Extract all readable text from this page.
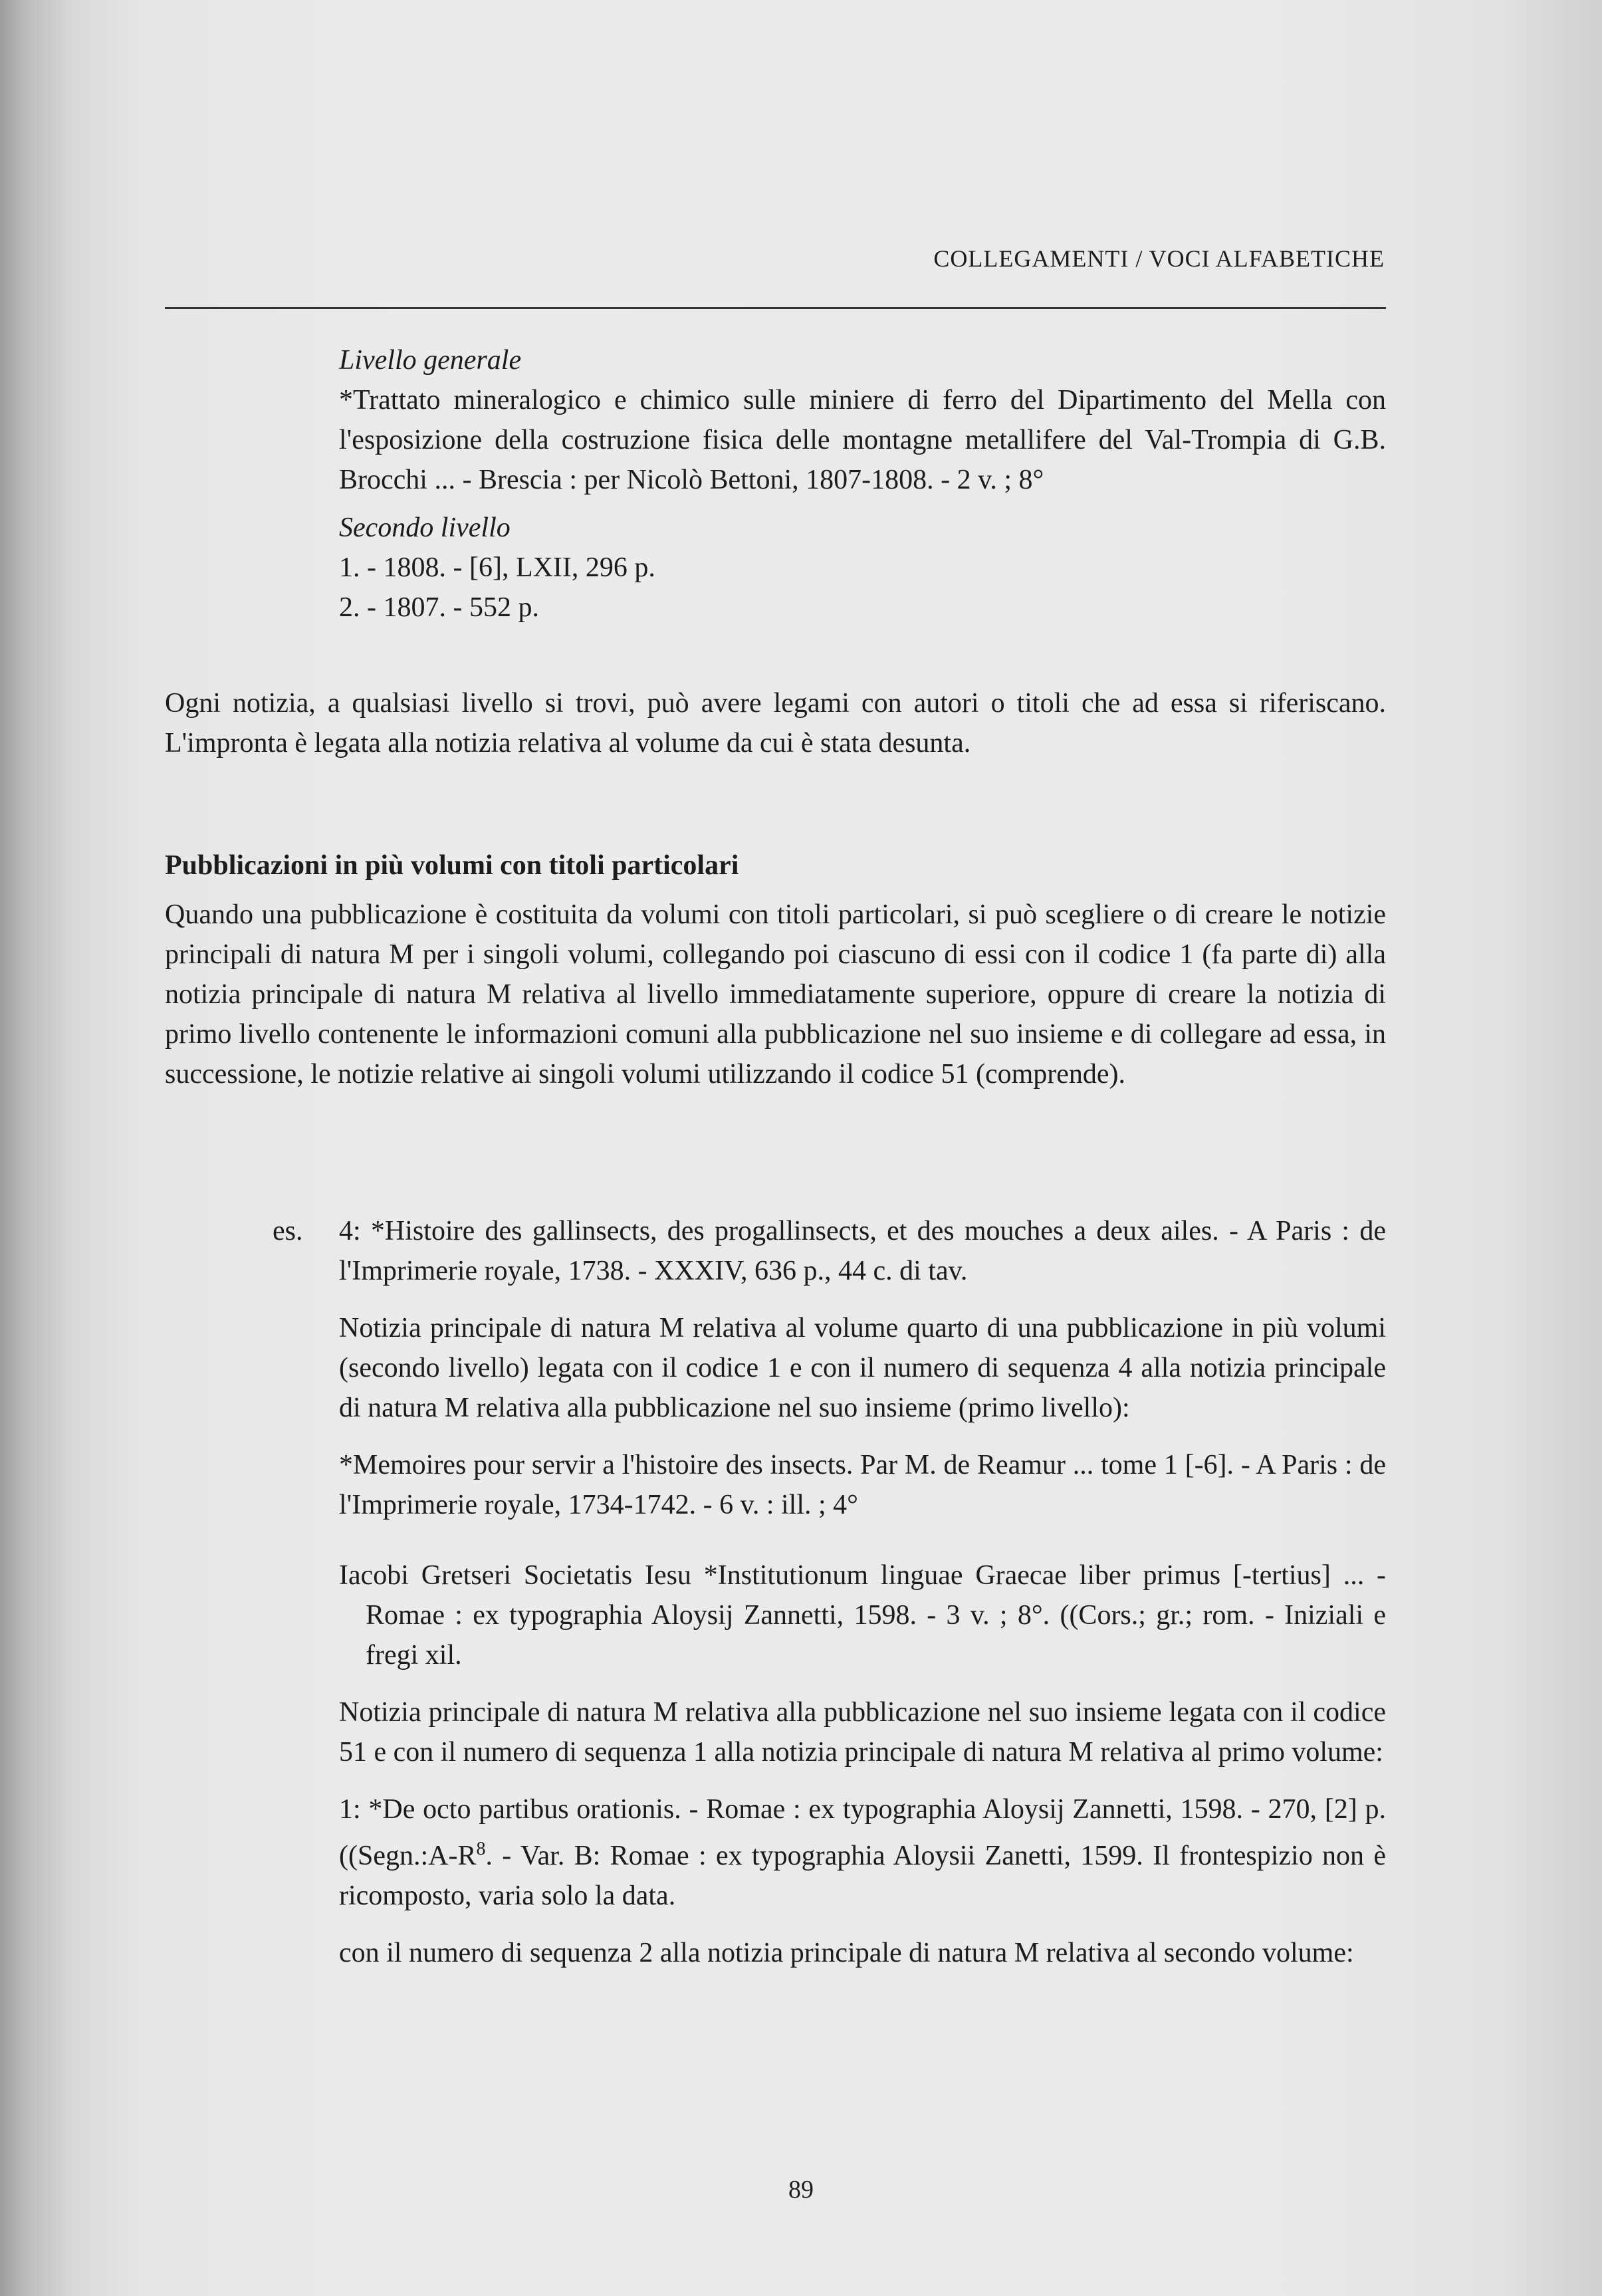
COLLEGAMENTI / VOCI ALFABETICHE

Livello generale

*Trattato mineralogico e chimico sulle miniere di ferro del Dipartimento del Mella con l'esposizione della costruzione fisica delle montagne metallifere del Val-Trompia di G.B. Brocchi ... - Brescia : per Nicolò Bettoni, 1807-1808. - 2 v. ; 8°

Secondo livello

1. - 1808. - [6], LXII, 296 p.

2. - 1807. - 552 p.

Ogni notizia, a qualsiasi livello si trovi, può avere legami con autori o titoli che ad essa si riferiscano. L'impronta è legata alla notizia relativa al volume da cui è stata desunta.

Pubblicazioni in più volumi con titoli particolari

Quando una pubblicazione è costituita da volumi con titoli particolari, si può scegliere o di creare le notizie principali di natura M per i singoli volumi, collegando poi ciascuno di essi con il codice 1 (fa parte di) alla notizia principale di natura M relativa al livello immediatamente superiore, oppure di creare la notizia di primo livello contenente le informazioni comuni alla pubblicazione nel suo insieme e di collegare ad essa, in successione, le notizie relative ai singoli volumi utilizzando il codice 51 (comprende).

es. 4: *Histoire des gallinsects, des progallinsects, et des mouches a deux ailes. - A Paris : de l'Imprimerie royale, 1738. - XXXIV, 636 p., 44 c. di tav.

Notizia principale di natura M relativa al volume quarto di una pubblicazione in più volumi (secondo livello) legata con il codice 1 e con il numero di sequenza 4 alla notizia principale di natura M relativa alla pubblicazione nel suo insieme (primo livello):

*Memoires pour servir a l'histoire des insects. Par M. de Reamur ... tome 1 [-6]. - A Paris : de l'Imprimerie royale, 1734-1742. - 6 v. : ill. ; 4°

Iacobi Gretseri Societatis Iesu *Institutionum linguae Graecae liber primus [-tertius] ... - Romae : ex typographia Aloysij Zannetti, 1598. - 3 v. ; 8°. ((Cors.; gr.; rom. - Iniziali e fregi xil.

Notizia principale di natura M relativa alla pubblicazione nel suo insieme legata con il codice 51 e con il numero di sequenza 1 alla notizia principale di natura M relativa al primo volume:

1: *De octo partibus orationis. - Romae : ex typographia Aloysij Zannetti, 1598. - 270, [2] p. (($Segn.:A-R^8$. - Var. B: Romae : ex typographia Aloysii Zanetti, 1599. Il frontespizio non è ricomposto, varia solo la data.

con il numero di sequenza 2 alla notizia principale di natura M relativa al secondo volume:

89
